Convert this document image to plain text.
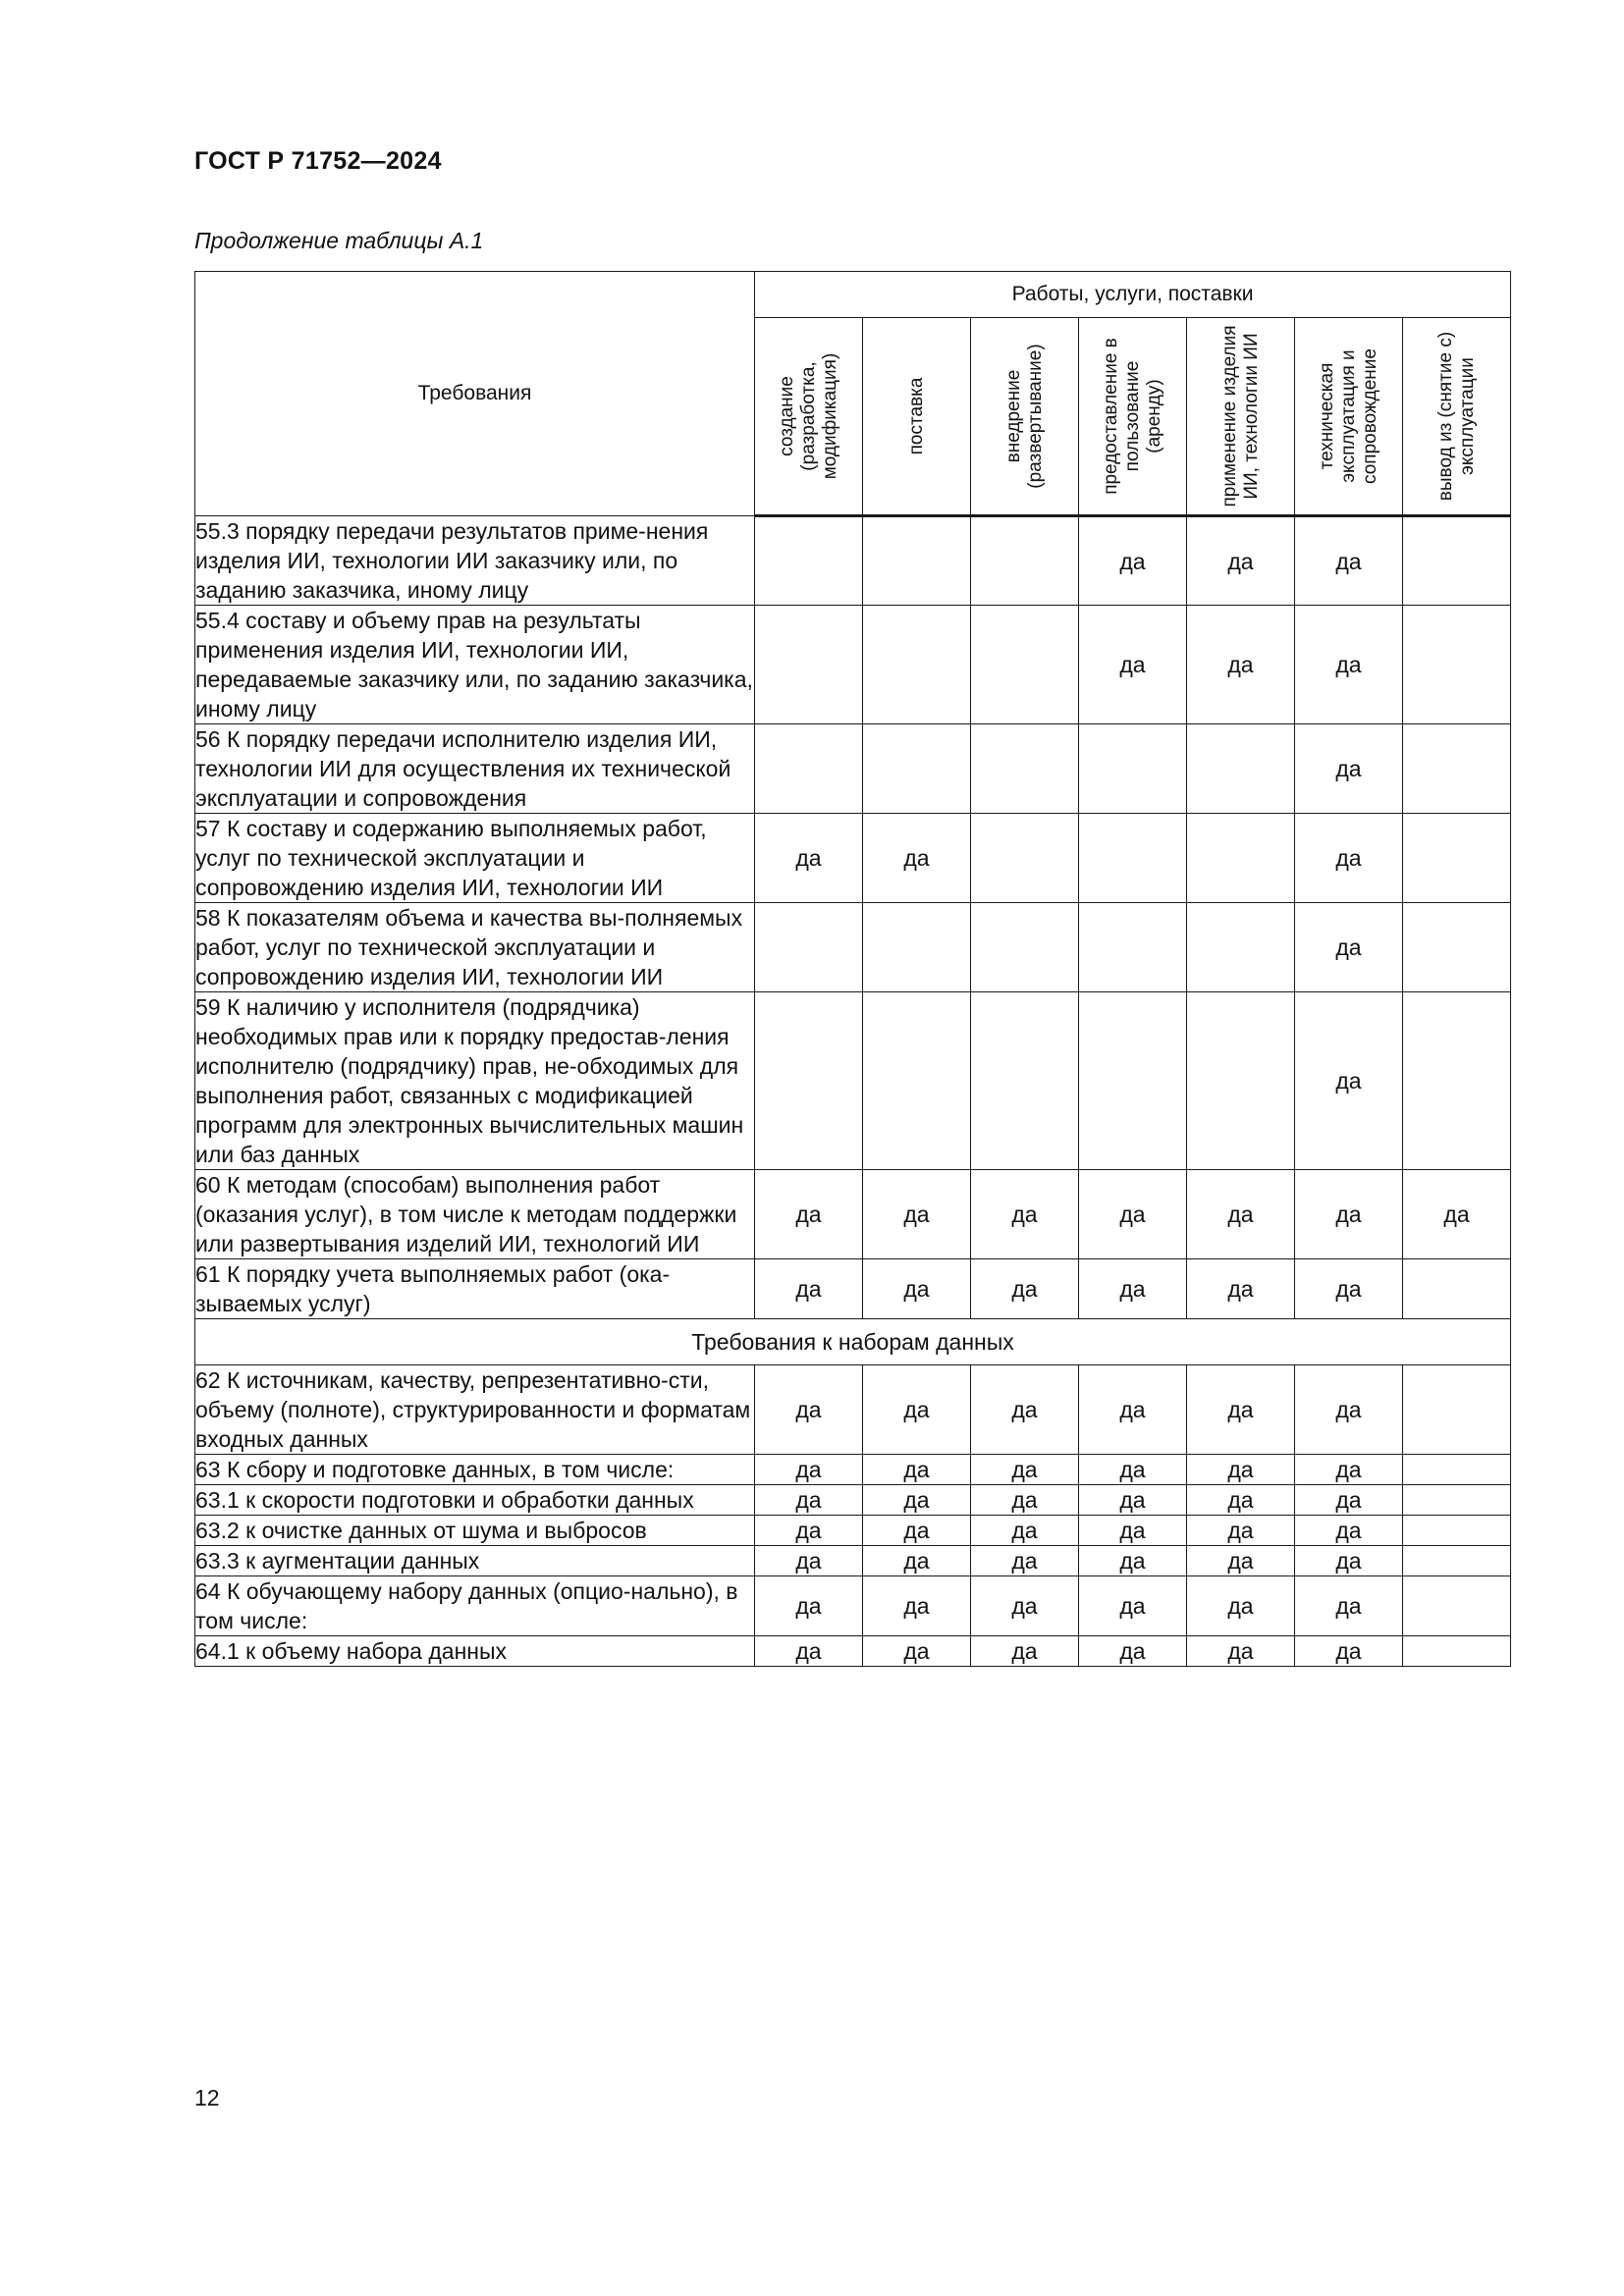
ГОСТ Р 71752—2024
Продолжение таблицы А.1
Требования	Работы, услуги, поставки						

	создание (разработка, модификация)	поставка	внедрение (развертывание)	предоставление в пользование (аренду)	применение изделия ИИ, технологии ИИ	техническая эксплуатация и сопровождение	вывод из (снятие с) эксплуатации

55.3 порядку передачи результатов приме-нения изделия ИИ, технологии ИИ заказчику или, по заданию заказчика, иному лицу				да	да	да	
55.4 составу и объему прав на результаты применения изделия ИИ, технологии ИИ, передаваемые заказчику или, по заданию заказчика, иному лицу				да	да	да	
56 К порядку передачи исполнителю изделия ИИ, технологии ИИ для осуществления их технической эксплуатации и сопровождения						да	
57 К составу и содержанию выполняемых работ, услуг по технической эксплуатации и сопровождению изделия ИИ, технологии ИИ	да	да				да	
58 К показателям объема и качества вы-полняемых работ, услуг по технической эксплуатации и сопровождению изделия ИИ, технологии ИИ						да	
59 К наличию у исполнителя (подрядчика) необходимых прав или к порядку предостав-ления исполнителю (подрядчику) прав, не-обходимых для выполнения работ, связанных с модификацией программ для электронных вычислительных машин или баз данных						да	
60 К методам (способам) выполнения работ (оказания услуг), в том числе к методам поддержки или развертывания изделий ИИ, технологий ИИ	да	да	да	да	да	да	да
61 К порядку учета выполняемых работ (ока-зываемых услуг)	да	да	да	да	да	да	
Требования к наборам данных							
62 К источникам, качеству, репрезентативно-сти, объему (полноте), структурированности и форматам входных данных	да	да	да	да	да	да	
63 К сбору и подготовке данных, в том числе:	да	да	да	да	да	да	
63.1 к скорости подготовки и обработки данных	да	да	да	да	да	да	
63.2 к очистке данных от шума и выбросов	да	да	да	да	да	да	
63.3 к аугментации данных	да	да	да	да	да	да	
64 К обучающему набору данных (опцио-нально), в том числе:	да	да	да	да	да	да	
64.1 к объему набора данных	да	да	да	да	да	да	
12
